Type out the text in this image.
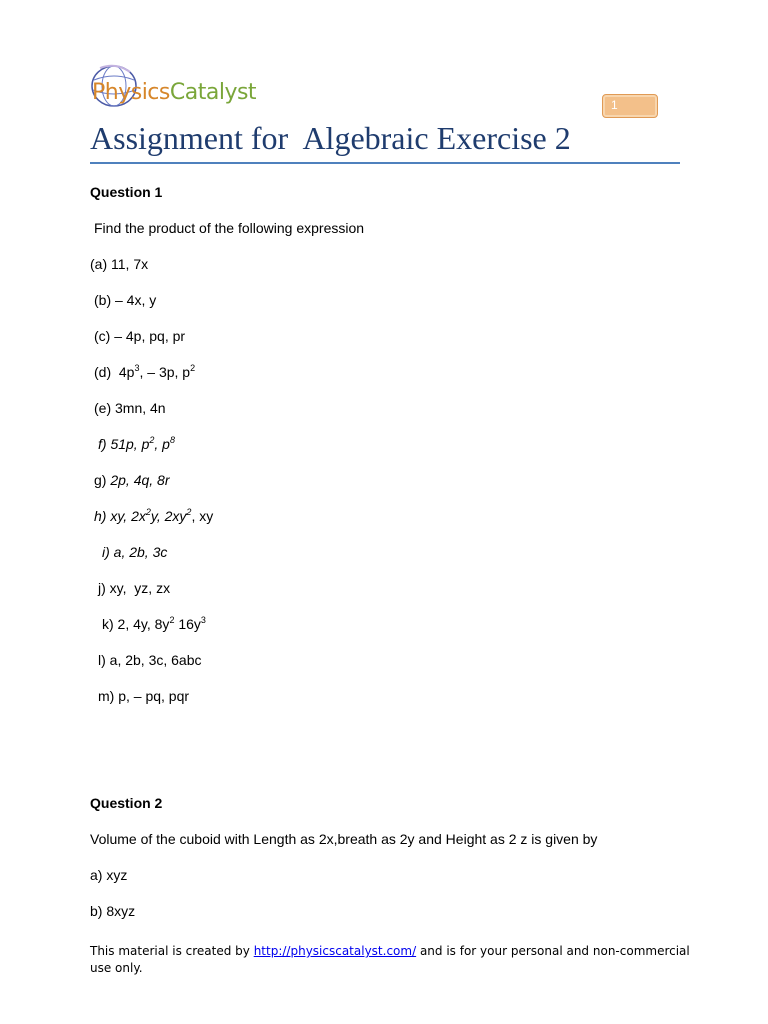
PhysicsCatalyst	1
Assignment for  Algebraic Exercise 2
Question 1
Find the product of the following expression
(a) 11, 7x
(b) – 4x, y
(c) – 4p, pq, pr
(d)  $4p^3$, – 3p, $p^2$
(e) 3mn, 4n
f) 51p, $p^2$, $p^8$
g) 2p, 4q, 8r
h) xy, $2x^2y$, $2xy^2$, xy
i) a, 2b, 3c
j) xy,  yz, zx
k) 2, 4y, $8y^2$ $16y^3$
l) a, 2b, 3c, 6abc
m) p, – pq, pqr
Question 2
Volume of the cuboid with Length as 2x,breath as 2y and Height as 2 z is given by
a) xyz
b) 8xyz
This material is created by http://physicscatalyst.com/ and is for your personal and non-commercial use only.
